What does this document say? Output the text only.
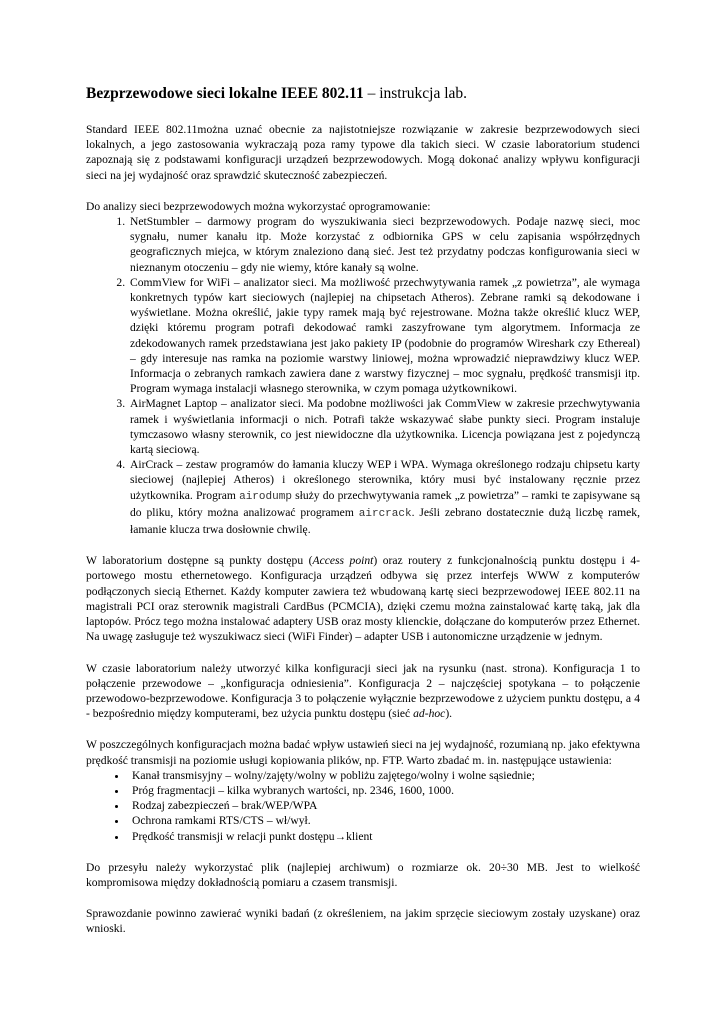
Bezprzewodowe sieci lokalne IEEE 802.11 – instrukcja lab.

Standard IEEE 802.11można uznać obecnie za najistotniejsze rozwiązanie w zakresie bezprzewodowych sieci lokalnych, a jego zastosowania wykraczają poza ramy typowe dla takich sieci. W czasie laboratorium studenci zapoznają się z podstawami konfiguracji urządzeń bezprzewodowych. Mogą dokonać analizy wpływu konfiguracji sieci na jej wydajność oraz sprawdzić skuteczność zabezpieczeń.

Do analizy sieci bezprzewodowych można wykorzystać oprogramowanie:
1. NetStumbler – darmowy program do wyszukiwania sieci bezprzewodowych. Podaje nazwę sieci, moc sygnału, numer kanału itp. Może korzystać z odbiornika GPS w celu zapisania współrzędnych geograficznych miejca, w którym znaleziono daną sieć. Jest też przydatny podczas konfigurowania sieci w nieznanym otoczeniu – gdy nie wiemy, które kanały są wolne.
2. CommView for WiFi – analizator sieci. Ma możliwość przechwytywania ramek „z powietrza”, ale wymaga konkretnych typów kart sieciowych (najlepiej na chipsetach Atheros). Zebrane ramki są dekodowane i wyświetlane. Można określić, jakie typy ramek mają być rejestrowane. Można także określić klucz WEP, dzięki któremu program potrafi dekodować ramki zaszyfrowane tym algorytmem. Informacja ze zdekodowanych ramek przedstawiana jest jako pakiety IP (podobnie do programów Wireshark czy Ethereal) – gdy interesuje nas ramka na poziomie warstwy liniowej, można wprowadzić nieprawdziwy klucz WEP. Informacja o zebranych ramkach zawiera dane z warstwy fizycznej – moc sygnału, prędkość transmisji itp. Program wymaga instalacji własnego sterownika, w czym pomaga użytkownikowi.
3. AirMagnet Laptop – analizator sieci. Ma podobne możliwości jak CommView w zakresie przechwytywania ramek i wyświetlania informacji o nich. Potrafi także wskazywać słabe punkty sieci. Program instaluje tymczasowo własny sterownik, co jest niewidoczne dla użytkownika. Licencja powiązana jest z pojedynczą kartą sieciową.
4. AirCrack – zestaw programów do łamania kluczy WEP i WPA. Wymaga określonego rodzaju chipsetu karty sieciowej (najlepiej Atheros) i określonego sterownika, który musi być instalowany ręcznie przez użytkownika. Program airodump służy do przechwytywania ramek „z powietrza” – ramki te zapisywane są do pliku, który można analizować programem aircrack. Jeśli zebrano dostatecznie dużą liczbę ramek, łamanie klucza trwa dosłownie chwilę.

W laboratorium dostępne są punkty dostępu (Access point) oraz routery z funkcjonalnością punktu dostępu i 4-portowego mostu ethernetowego. Konfiguracja urządzeń odbywa się przez interfejs WWW z komputerów podłączonych siecią Ethernet. Każdy komputer zawiera też wbudowaną kartę sieci bezprzewodowej IEEE 802.11 na magistrali PCI oraz sterownik magistrali CardBus (PCMCIA), dzięki czemu można zainstalować kartę taką, jak dla laptopów. Prócz tego można instalować adaptery USB oraz mosty klienckie, dołączane do komputerów przez Ethernet. Na uwagę zasługuje też wyszukiwacz sieci (WiFi Finder) – adapter USB i autonomiczne urządzenie w jednym.

W czasie laboratorium należy utworzyć kilka konfiguracji sieci jak na rysunku (nast. strona). Konfiguracja 1 to połączenie przewodowe – „konfiguracja odniesienia”. Konfiguracja 2 – najczęściej spotykana – to połączenie przewodowo-bezprzewodowe. Konfiguracja 3 to połączenie wyłącznie bezprzewodowe z użyciem punktu dostępu, a 4 - bezpośrednio między komputerami, bez użycia punktu dostępu (sieć ad-hoc).

W poszczególnych konfiguracjach można badać wpływ ustawień sieci na jej wydajność, rozumianą np. jako efektywna prędkość transmisji na poziomie usługi kopiowania plików, np. FTP. Warto zbadać m. in. następujące ustawienia:
• Kanał transmisyjny – wolny/zajęty/wolny w pobliżu zajętego/wolny i wolne sąsiednie;
• Próg fragmentacji – kilka wybranych wartości, np. 2346, 1600, 1000.
• Rodzaj zabezpieczeń – brak/WEP/WPA
• Ochrona ramkami RTS/CTS – wł/wył.
• Prędkość transmisji w relacji punkt dostępu→klient

Do przesyłu należy wykorzystać plik (najlepiej archiwum) o rozmiarze ok. 20÷30 MB. Jest to wielkość kompromisowa między dokładnością pomiaru a czasem transmisji.

Sprawozdanie powinno zawierać wyniki badań (z określeniem, na jakim sprzęcie sieciowym zostały uzyskane) oraz wnioski.
